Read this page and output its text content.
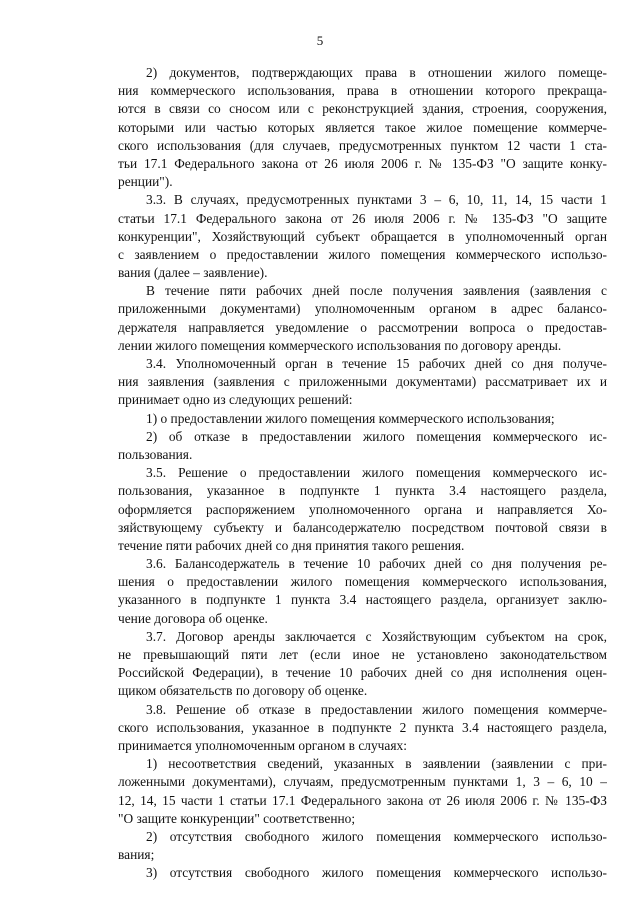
5
2) документов, подтверждающих права в отношении жилого помеще-
ния коммерческого использования, права в отношении которого прекраща-
ются в связи со сносом или с реконструкцией здания, строения, сооружения,
которыми или частью которых является такое жилое помещение коммерче-
ского использования (для случаев, предусмотренных пунктом 12 части 1 ста-
тьи 17.1 Федерального закона от 26 июля 2006 г. № 135-ФЗ "О защите конку-
ренции").
3.3. В случаях, предусмотренных пунктами 3 – 6, 10, 11, 14, 15 части 1
статьи 17.1 Федерального закона от 26 июля 2006 г. № 135-ФЗ "О защите
конкуренции", Хозяйствующий субъект обращается в уполномоченный орган
с заявлением о предоставлении жилого помещения коммерческого использо-
вания (далее – заявление).
В течение пяти рабочих дней после получения заявления (заявления с
приложенными документами) уполномоченным органом в адрес балансо-
держателя направляется уведомление о рассмотрении вопроса о предостав-
лении жилого помещения коммерческого использования по договору аренды.
3.4. Уполномоченный орган в течение 15 рабочих дней со дня получе-
ния заявления (заявления с приложенными документами) рассматривает их и
принимает одно из следующих решений:
1) о предоставлении жилого помещения коммерческого использования;
2) об отказе в предоставлении жилого помещения коммерческого ис-
пользования.
3.5. Решение о предоставлении жилого помещения коммерческого ис-
пользования, указанное в подпункте 1 пункта 3.4 настоящего раздела,
оформляется распоряжением уполномоченного органа и направляется Хо-
зяйствующему субъекту и балансодержателю посредством почтовой связи в
течение пяти рабочих дней со дня принятия такого решения.
3.6. Балансодержатель в течение 10 рабочих дней со дня получения ре-
шения о предоставлении жилого помещения коммерческого использования,
указанного в подпункте 1 пункта 3.4 настоящего раздела, организует заклю-
чение договора об оценке.
3.7. Договор аренды заключается с Хозяйствующим субъектом на срок,
не превышающий пяти лет (если иное не установлено законодательством
Российской Федерации), в течение 10 рабочих дней со дня исполнения оцен-
щиком обязательств по договору об оценке.
3.8. Решение об отказе в предоставлении жилого помещения коммерче-
ского использования, указанное в подпункте 2 пункта 3.4 настоящего раздела,
принимается уполномоченным органом в случаях:
1) несоответствия сведений, указанных в заявлении (заявлении с при-
ложенными документами), случаям, предусмотренным пунктами 1, 3 – 6, 10 –
12, 14, 15 части 1 статьи 17.1 Федерального закона от 26 июля 2006 г. № 135-ФЗ
"О защите конкуренции" соответственно;
2) отсутствия свободного жилого помещения коммерческого использо-
вания;
3) отсутствия свободного жилого помещения коммерческого использо-
